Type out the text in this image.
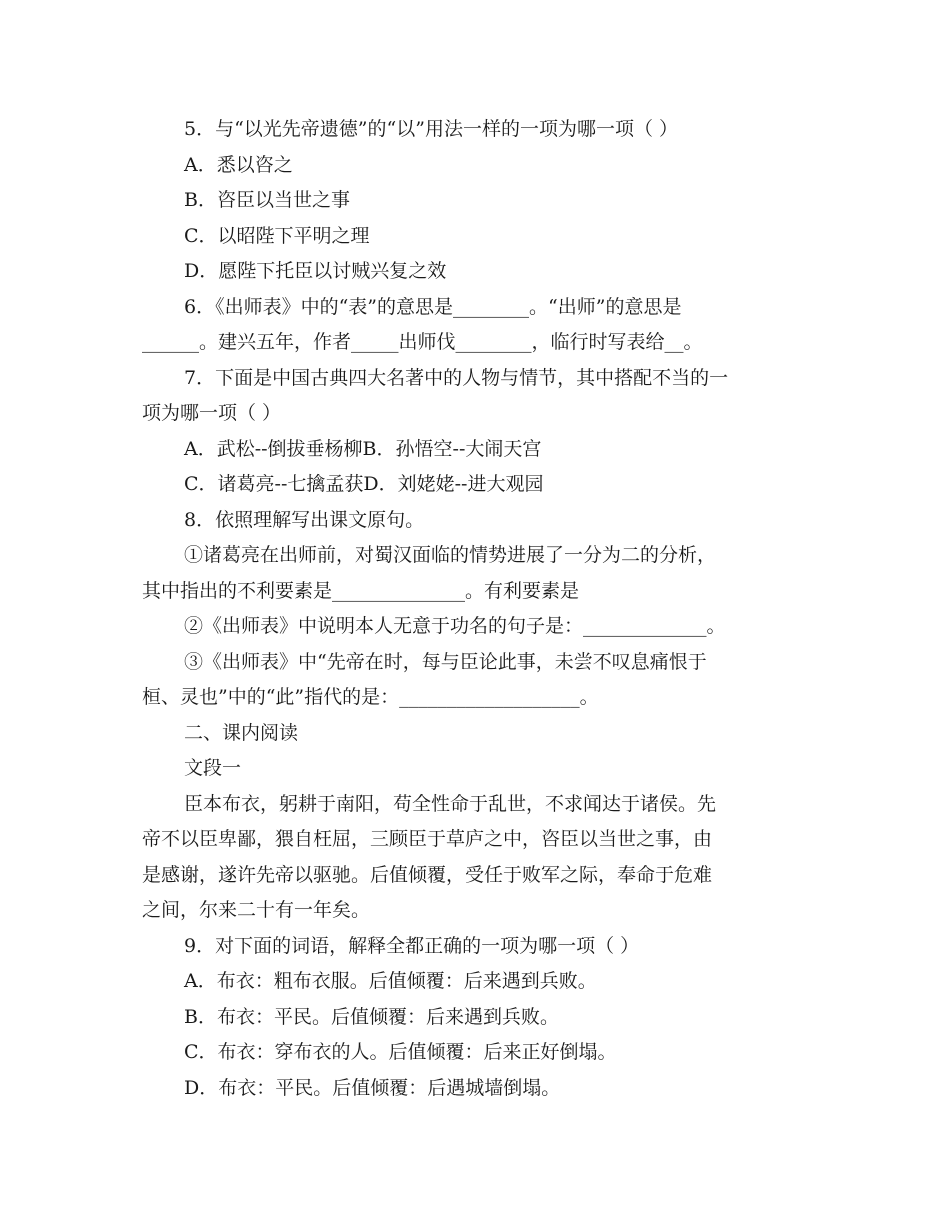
5．与“以光先帝遗德”的“以”用法一样的一项为哪一项（ ）
A．悉以咨之
B．咨臣以当世之事
C．以昭陛下平明之理
D．愿陛下托臣以讨贼兴复之效
6．《出师表》中的“表”的意思是________。“出师”的意思是
______。建兴五年，作者_____出师伐________，临行时写表给__。
7．下面是中国古典四大名著中的人物与情节，其中搭配不当的一
项为哪一项（ ）
A．武松--倒拔垂杨柳B．孙悟空--大闹天宫
C．诸葛亮--七擒孟获D．刘姥姥--进大观园
8．依照理解写出课文原句。
①诸葛亮在出师前，对蜀汉面临的情势进展了一分为二的分析，
其中指出的不利要素是______________。有利要素是
②《出师表》中说明本人无意于功名的句子是：_____________。
③《出师表》中“先帝在时，每与臣论此事，未尝不叹息痛恨于
桓、灵也”中的“此”指代的是：___________________。
二、课内阅读
文段一
臣本布衣，躬耕于南阳，苟全性命于乱世，不求闻达于诸侯。先
帝不以臣卑鄙，猥自枉屈，三顾臣于草庐之中，咨臣以当世之事，由
是感谢，遂许先帝以驱驰。后值倾覆，受任于败军之际，奉命于危难
之间，尔来二十有一年矣。
9．对下面的词语，解释全都正确的一项为哪一项（ ）
A．布衣：粗布衣服。后值倾覆：后来遇到兵败。
B．布衣：平民。后值倾覆：后来遇到兵败。
C．布衣：穿布衣的人。后值倾覆：后来正好倒塌。
D．布衣：平民。后值倾覆：后遇城墙倒塌。
